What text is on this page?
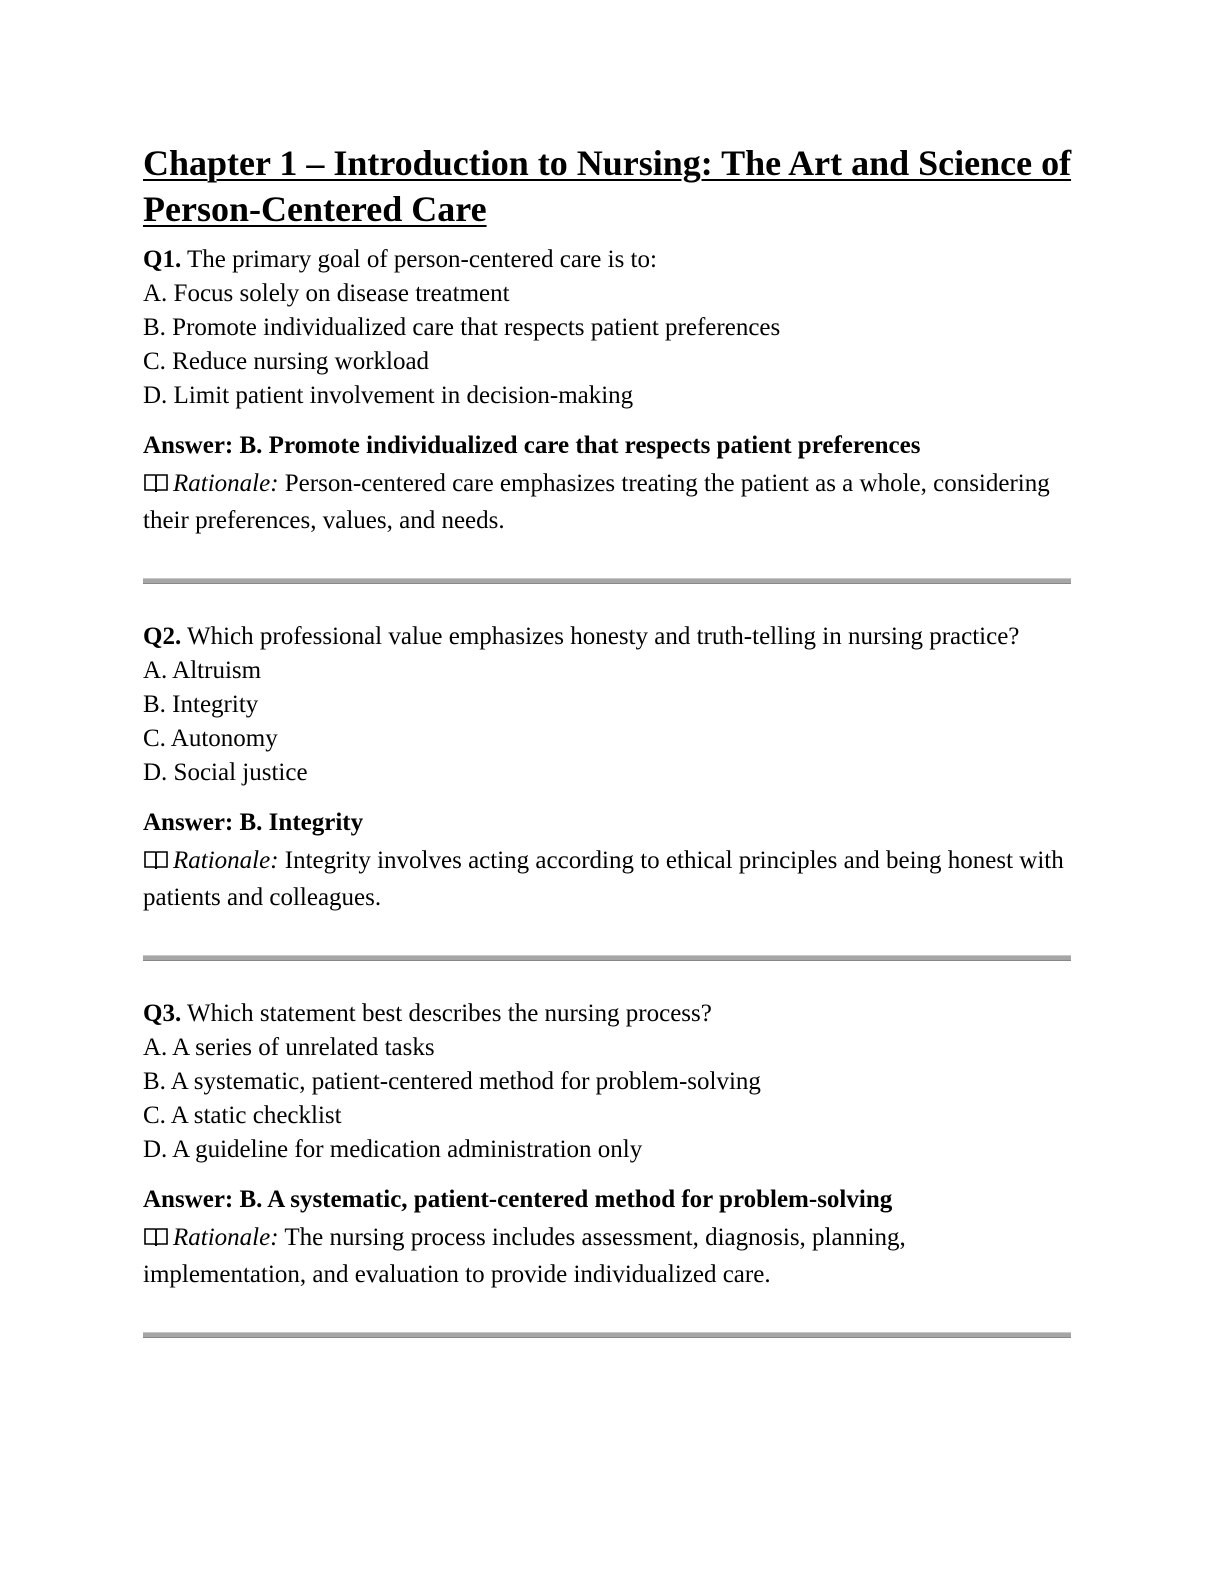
Chapter 1 – Introduction to Nursing: The Art and Science of Person-Centered Care

Q1. The primary goal of person-centered care is to:

A. Focus solely on disease treatment

B. Promote individualized care that respects patient preferences

C. Reduce nursing workload

D. Limit patient involvement in decision-making

Answer: B. Promote individualized care that respects patient preferences

Rationale: Person-centered care emphasizes treating the patient as a whole, considering their preferences, values, and needs.

Q2. Which professional value emphasizes honesty and truth-telling in nursing practice?

A. Altruism

B. Integrity

C. Autonomy

D. Social justice

Answer: B. Integrity

Rationale: Integrity involves acting according to ethical principles and being honest with patients and colleagues.

Q3. Which statement best describes the nursing process?

A. A series of unrelated tasks

B. A systematic, patient-centered method for problem-solving

C. A static checklist

D. A guideline for medication administration only

Answer: B. A systematic, patient-centered method for problem-solving

Rationale: The nursing process includes assessment, diagnosis, planning, implementation, and evaluation to provide individualized care.
